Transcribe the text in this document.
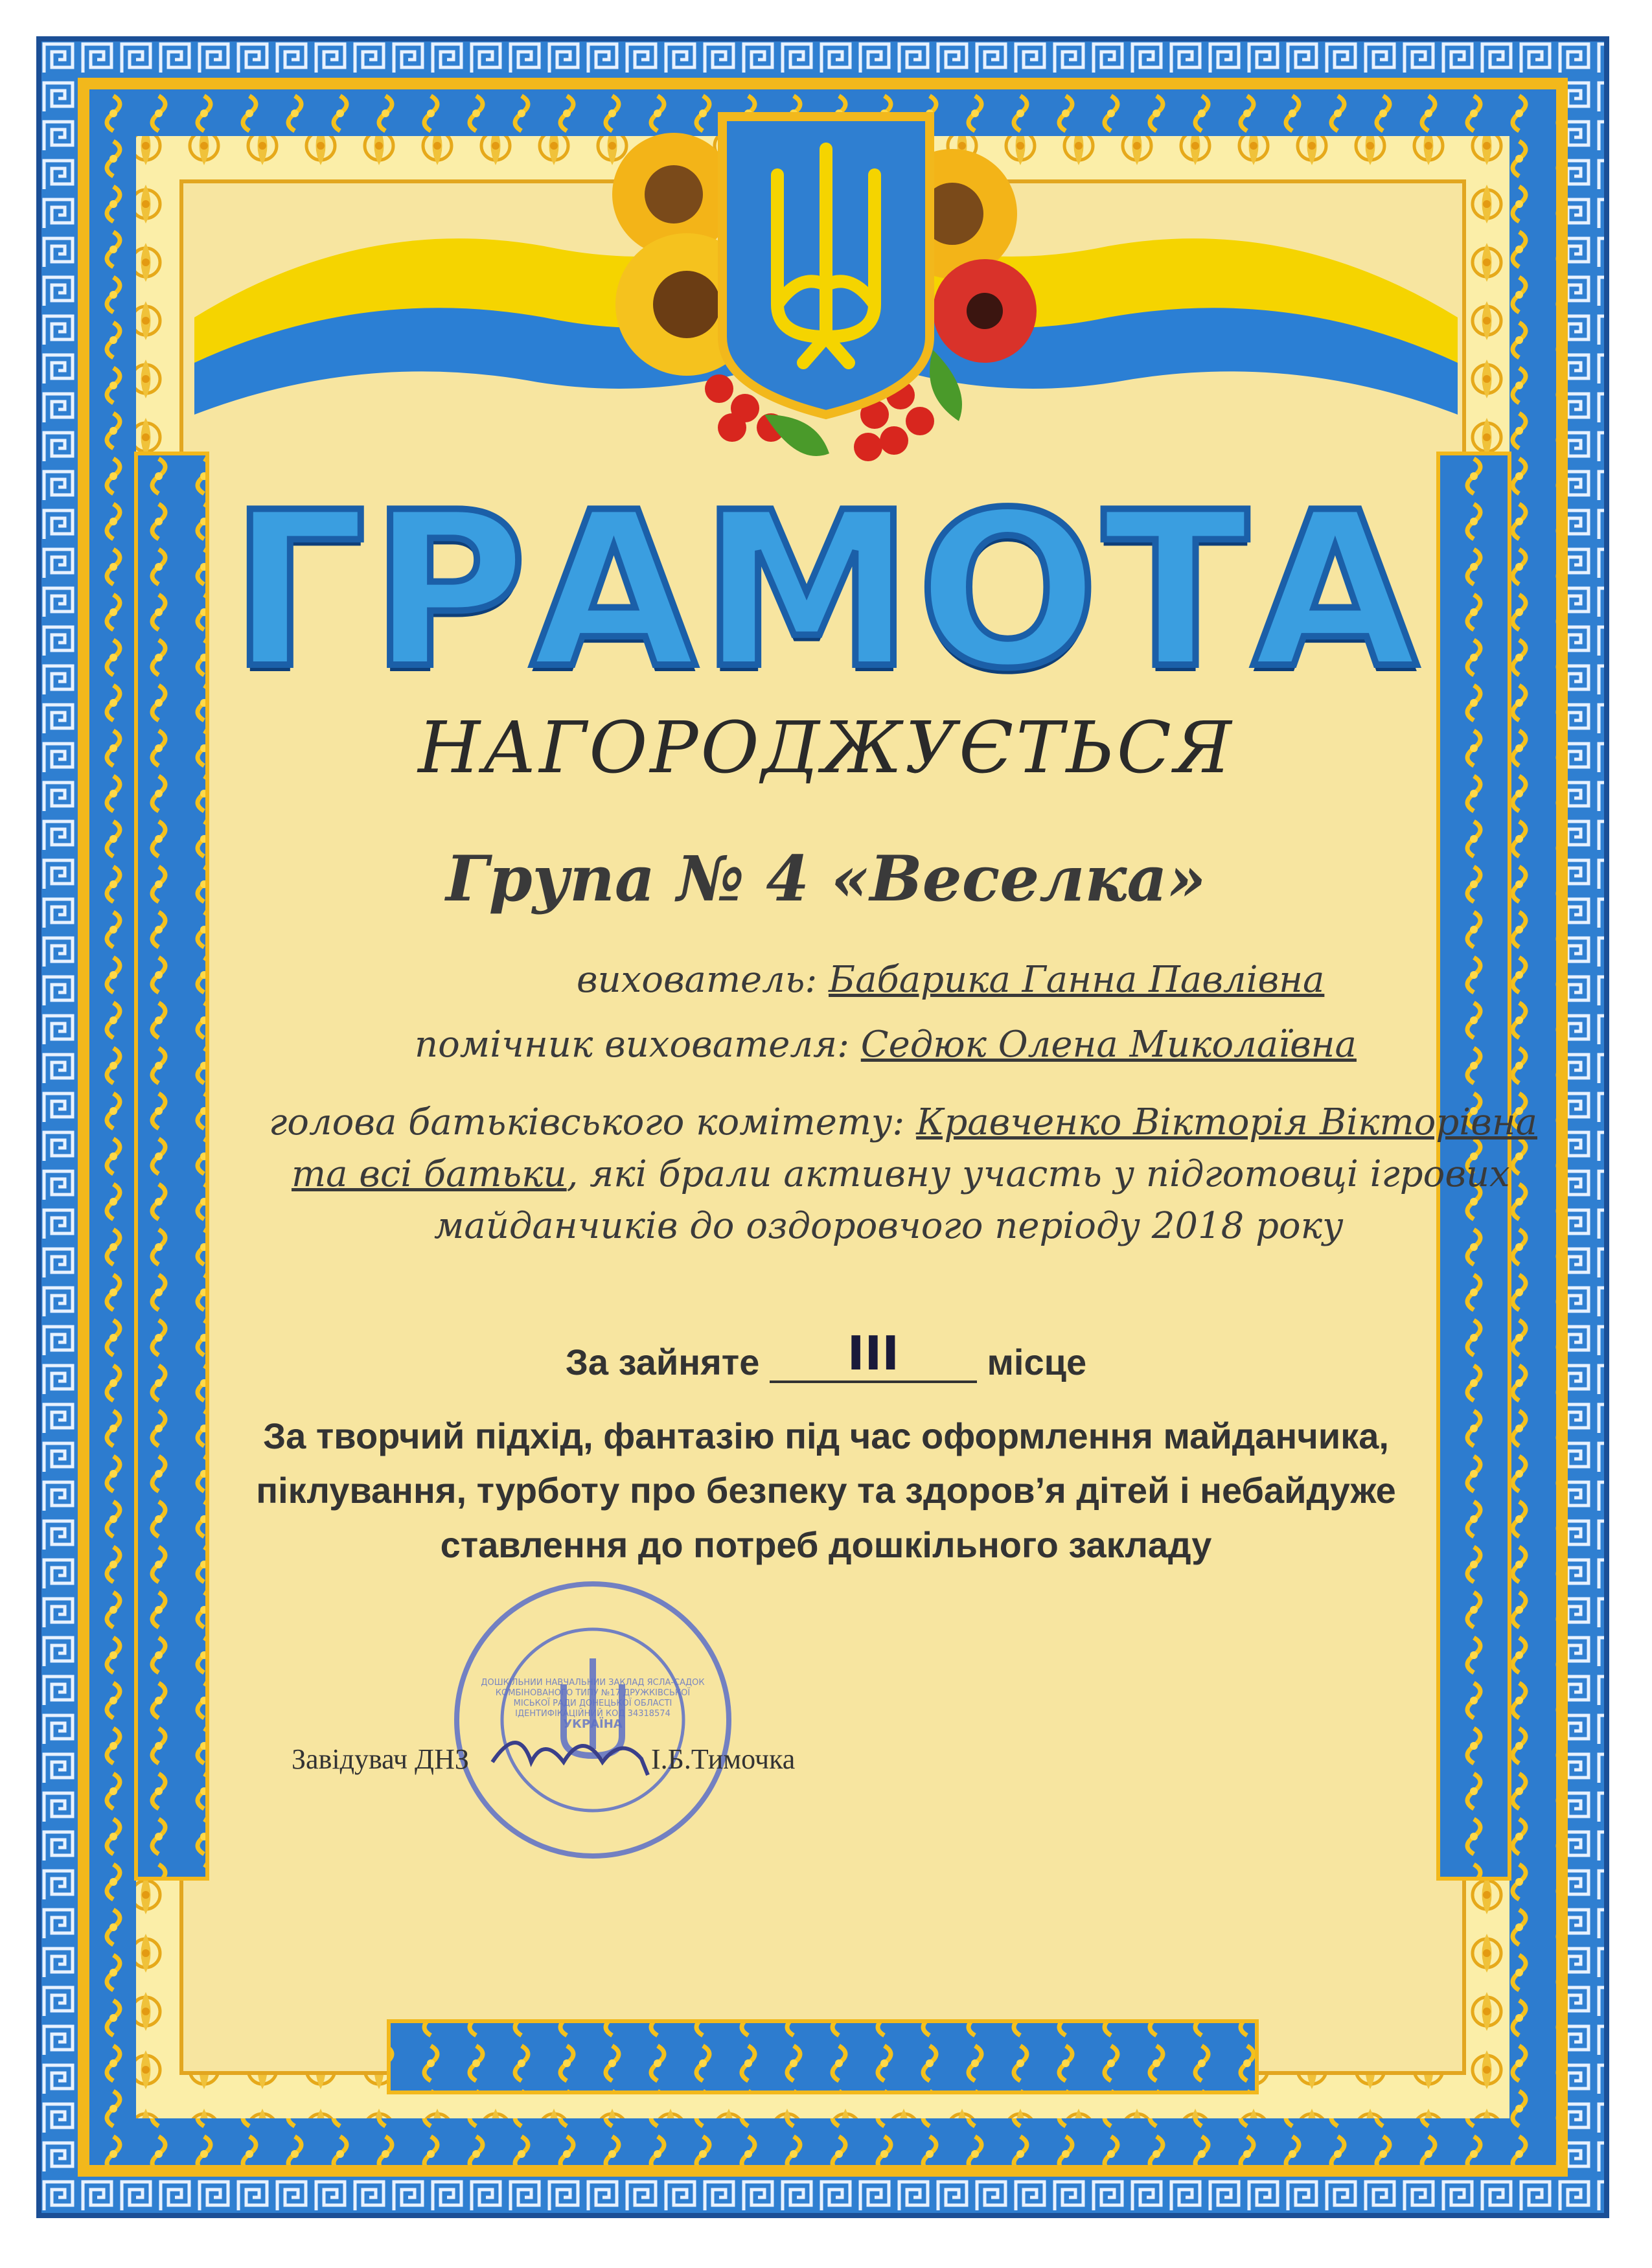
ДОШКІЛЬНИЙ НАВЧАЛЬНИЙ ЗАКЛАД ЯСЛА-САДОК КОМБІНОВАНОГО ТИПУ №17 ДРУЖКІВСЬКОЇ МІСЬКОЇ РАДИ ДОНЕЦЬКОЇ ОБЛАСТІ ІДЕНТИФІКАЦІЙНИЙ КОД 34318574
УКРАЇНА
ГРАМОТА
НАГОРОДЖУЄТЬСЯ
Група № 4 «Веселка»
вихователь: Бабарика Ганна Павлівна
помічник вихователя: Седюк Олена Миколаївна
голова батьківського комітету: Кравченко Вікторія Вікторівна
та всі батьки, які брали активну участь у підготовці ігрових
майданчиків до оздоровчого періоду 2018 року
За зайняте III місце
За творчий підхід, фантазію під час оформлення майданчика,
піклування, турботу про безпеку та здоров’я дітей і небайдуже
ставлення до потреб дошкільного закладу
Завідувач ДНЗ	І.Б.Тимочка
